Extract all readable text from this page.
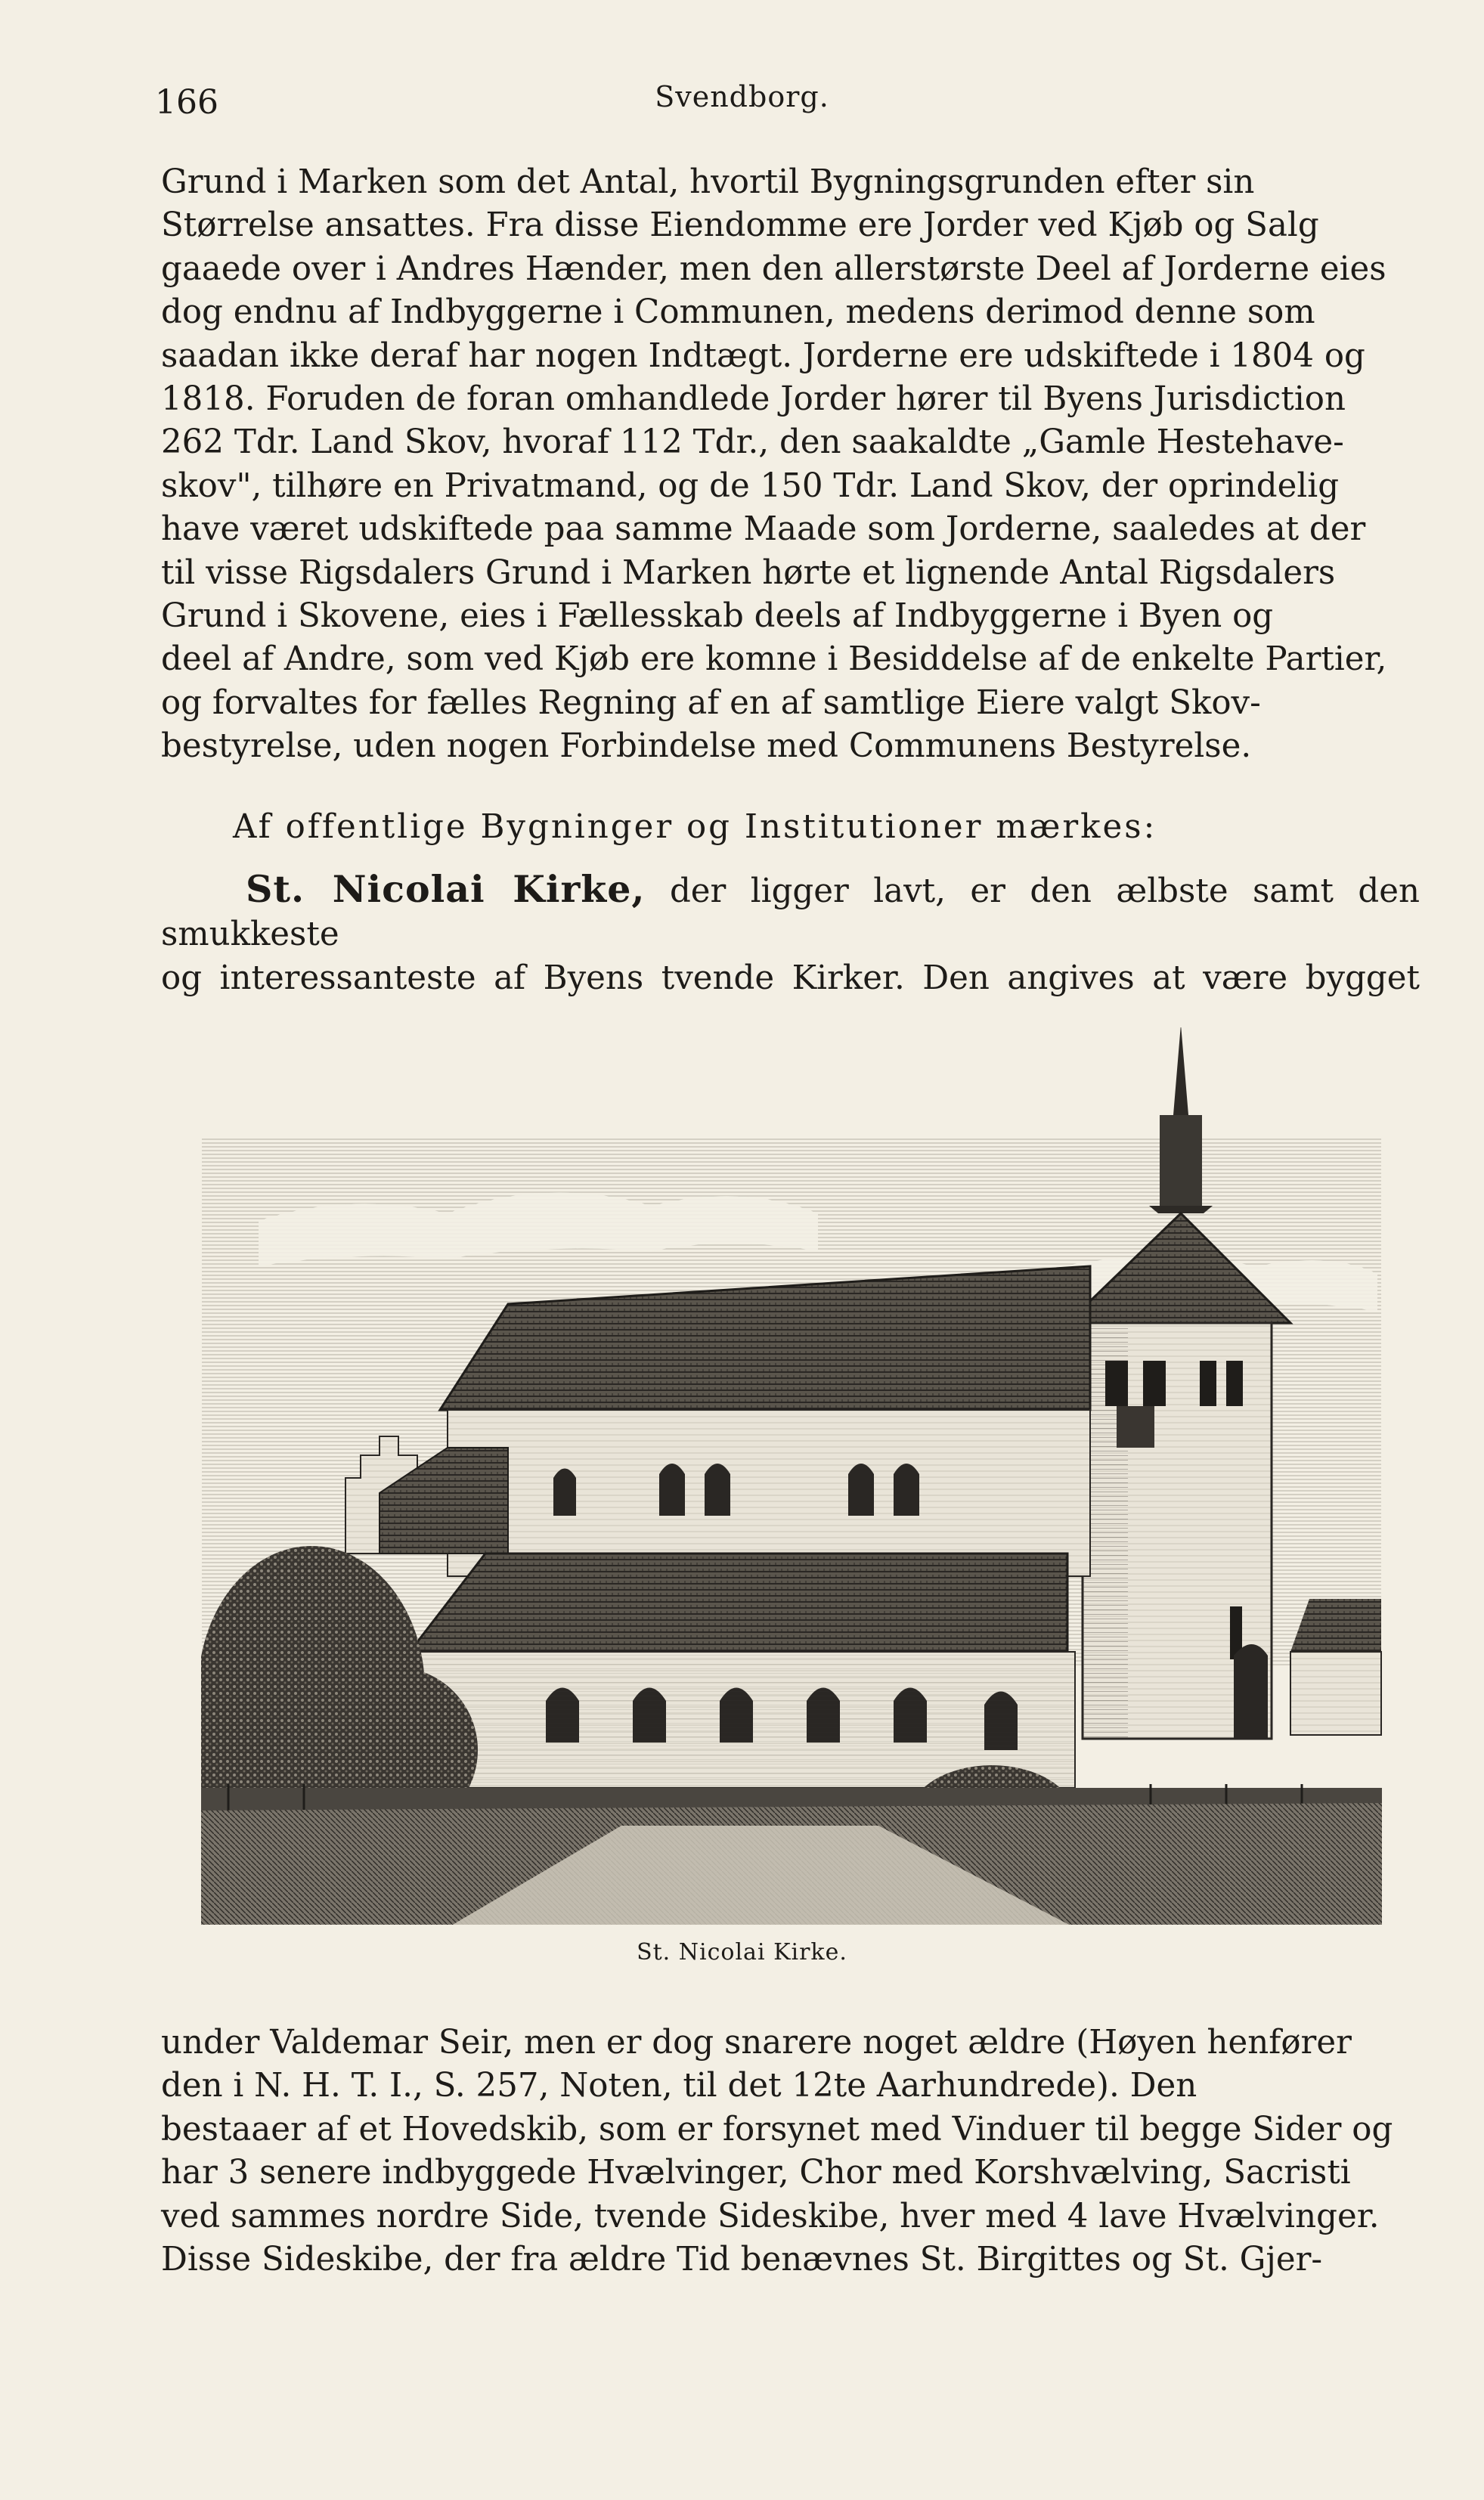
166	Svendborg.

Grund i Marken som det Antal, hvortil Bygningsgrunden efter sin

Størrelse ansattes. Fra disse Eiendomme ere Jorder ved Kjøb og Salg

gaaede over i Andres Hænder, men den allerstørste Deel af Jorderne eies

dog endnu af Indbyggerne i Communen, medens derimod denne som

saadan ikke deraf har nogen Indtægt. Jorderne ere udskiftede i 1804 og

1818. Foruden de foran omhandlede Jorder hører til Byens Jurisdiction

262 Tdr. Land Skov, hvoraf 112 Tdr., den saakaldte „Gamle Hestehave-

skov", tilhøre en Privatmand, og de 150 Tdr. Land Skov, der oprindelig

have været udskiftede paa samme Maade som Jorderne, saaledes at der

til visse Rigsdalers Grund i Marken hørte et lignende Antal Rigsdalers

Grund i Skovene, eies i Fællesskab deels af Indbyggerne i Byen og

deel af Andre, som ved Kjøb ere komne i Besiddelse af de enkelte Partier,

og forvaltes for fælles Regning af en af samtlige Eiere valgt Skov-

bestyrelse, uden nogen Forbindelse med Communens Bestyrelse.

Af offentlige Bygninger og Institutioner mærkes:

St. Nicolai Kirke, der ligger lavt, er den ælbste samt den smukkeste

og interessanteste af Byens tvende Kirker. Den angives at være bygget

St. Nicolai Kirke.

under Valdemar Seir, men er dog snarere noget ældre (Høyen henfører

den i N. H. T. I., S. 257, Noten, til det 12te Aarhundrede). Den

bestaaer af et Hovedskib, som er forsynet med Vinduer til begge Sider og

har 3 senere indbyggede Hvælvinger, Chor med Korshvælving, Sacristi

ved sammes nordre Side, tvende Sideskibe, hver med 4 lave Hvælvinger.

Disse Sideskibe, der fra ældre Tid benævnes St. Birgittes og St. Gjer-
